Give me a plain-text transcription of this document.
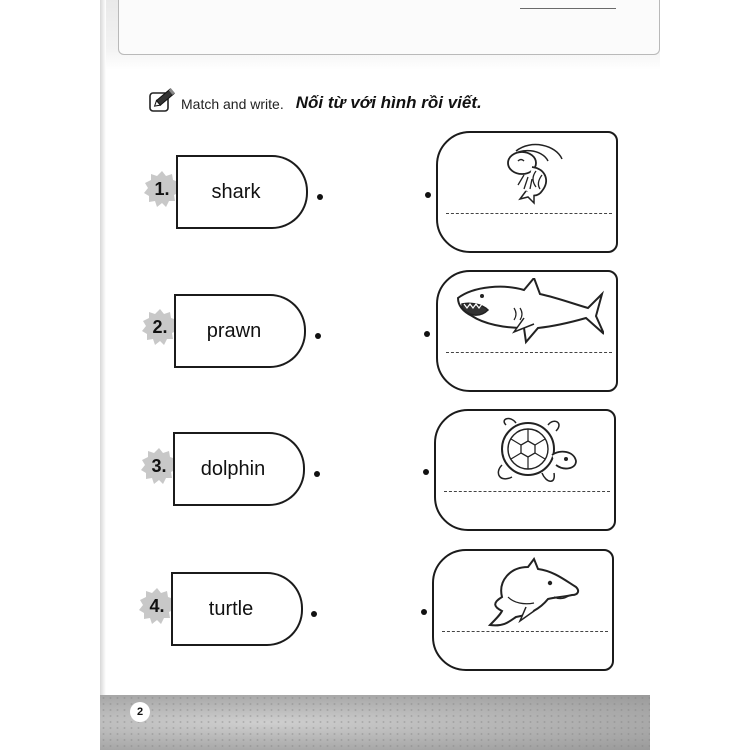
Match and write. Nối từ với hình rồi viết.
1.	shark
2.	prawn
3.	dolphin
4.	turtle
2
